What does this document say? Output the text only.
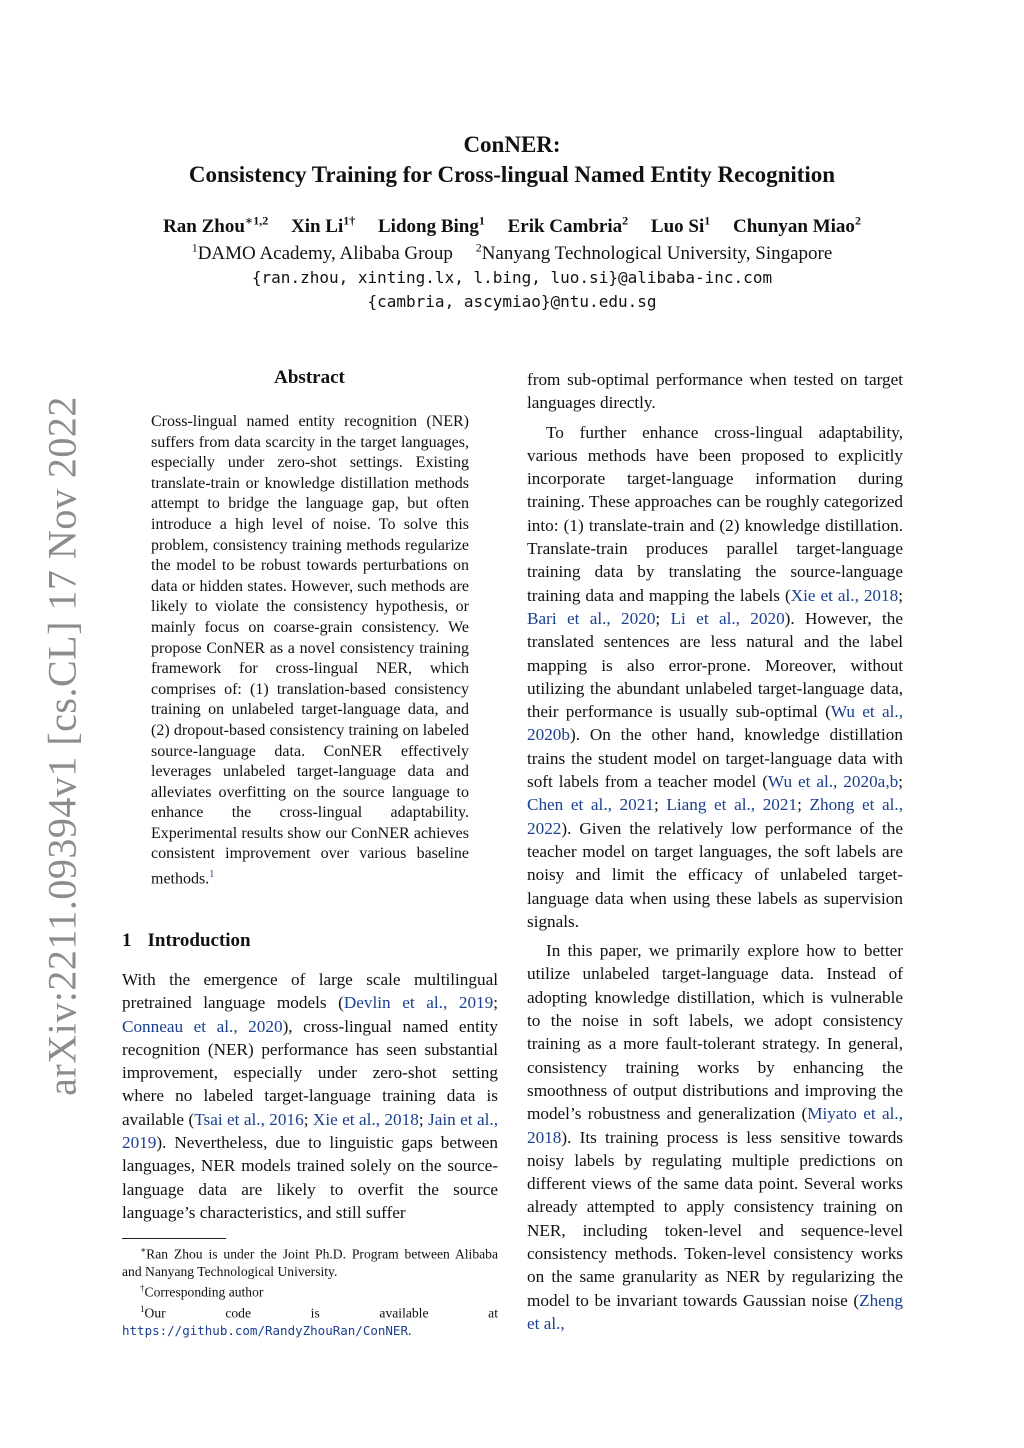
arXiv:2211.09394v1 [cs.CL] 17 Nov 2022
ConNER:
Consistency Training for Cross-lingual Named Entity Recognition
Ran Zhou$^{∗1,2}$ Xin $Li^{1\dagger}$ Lidong Bing$^1$ Erik Cambria$^2$ Luo Si$^1$ Chunyan Miao$^2$
$^1$DAMO Academy, Alibaba Group $^2$Nanyang Technological University, Singapore
{ran.zhou, xinting.lx, l.bing, luo.si}@alibaba-inc.com
{cambria, ascymiao}@ntu.edu.sg
Abstract
Cross-lingual named entity recognition (NER) suffers from data scarcity in the target languages, especially under zero-shot settings. Existing translate-train or knowledge distillation methods attempt to bridge the language gap, but often introduce a high level of noise. To solve this problem, consistency training methods regularize the model to be robust towards perturbations on data or hidden states. However, such methods are likely to violate the consistency hypothesis, or mainly focus on coarse-grain consistency. We propose ConNER as a novel consistency training framework for cross-lingual NER, which comprises of: (1) translation-based consistency training on unlabeled target-language data, and (2) dropout-based consistency training on labeled source-language data. ConNER effectively leverages unlabeled target-language data and alleviates overfitting on the source language to enhance the cross-lingual adaptability. Experimental results show our ConNER achieves consistent improvement over various baseline methods.$^1$
1 Introduction

With the emergence of large scale multilingual pretrained language models (Devlin et al., 2019; Conneau et al., 2020), cross-lingual named entity recognition (NER) performance has seen substantial improvement, especially under zero-shot setting where no labeled target-language training data is available (Tsai et al., 2016; Xie et al., 2018; Jain et al., 2019). Nevertheless, due to linguistic gaps between languages, NER models trained solely on the source-language data are likely to overfit the source language’s characteristics, and still suffer

∗Ran Zhou is under the Joint Ph.D. Program between Alibaba and Nanyang Technological University.

†Corresponding author

$^1$Our code is available at https://github.com/RandyZhouRan/ConNER.

from sub-optimal performance when tested on target languages directly.

To further enhance cross-lingual adaptability, various methods have been proposed to explicitly incorporate target-language information during training. These approaches can be roughly categorized into: (1) translate-train and (2) knowledge distillation. Translate-train produces parallel target-language training data by translating the source-language training data and mapping the labels (Xie et al., 2018; Bari et al., 2020; Li et al., 2020). However, the translated sentences are less natural and the label mapping is also error-prone. Moreover, without utilizing the abundant unlabeled target-language data, their performance is usually sub-optimal (Wu et al., 2020b). On the other hand, knowledge distillation trains the student model on target-language data with soft labels from a teacher model (Wu et al., 2020a,b; Chen et al., 2021; Liang et al., 2021; Zhong et al., 2022). Given the relatively low performance of the teacher model on target languages, the soft labels are noisy and limit the efficacy of unlabeled target-language data when using these labels as supervision signals.

In this paper, we primarily explore how to better utilize unlabeled target-language data. Instead of adopting knowledge distillation, which is vulnerable to the noise in soft labels, we adopt consistency training as a more fault-tolerant strategy. In general, consistency training works by enhancing the smoothness of output distributions and improving the model’s robustness and generalization (Miyato et al., 2018). Its training process is less sensitive towards noisy labels by regulating multiple predictions on different views of the same data point. Several works already attempted to apply consistency training on NER, including token-level and sequence-level consistency methods. Token-level consistency works on the same granularity as NER by regularizing the model to be invariant towards Gaussian noise (Zheng et al.,
